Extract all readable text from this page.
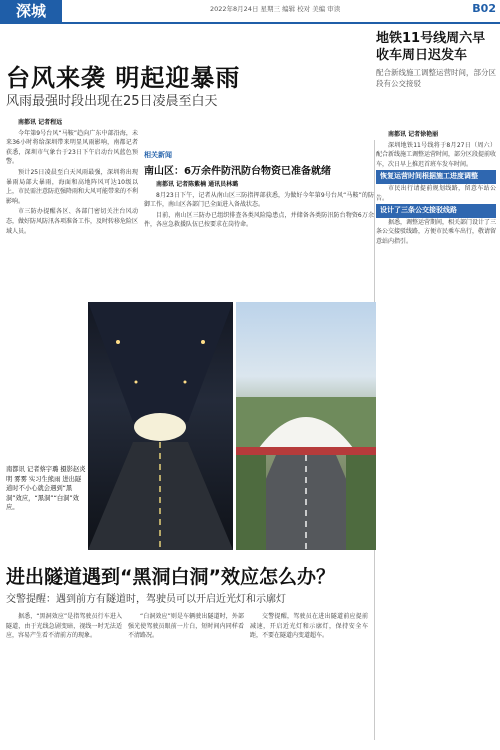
深城	2022年8月24日 星期三 编辑 校对 美编 审读	B02
台风来袭 明起迎暴雨
风雨最强时段出现在25日凌晨至白天

南都讯 记者程远

今年第9号台风“马鞍”趋向广东中部沿海，未来36小时将给深圳带来明显风雨影响，南都记者获悉，深圳市气象台于23日下午启动台风蓝色预警。

预计25日凌晨至白天风雨最强，深圳将出现暴雨局部大暴雨，海面和高地阵风可达10级以上，市民需注意防范强降雨和大风可能带来的不利影响。

市三防办提醒各区、各部门密切关注台风动态，做好防风防汛各项准备工作，及时转移危险区域人员。

地铁11号线周六早收车周日迟发车
配合新线施工调整运营时间，部分区段有公交接驳

南都讯 记者徐艳丽

深圳地铁11号线将于8月27日（周六）配合新线施工调整运营时间，部分区段提前收车，次日早上推迟首班车发车时间。

恢复运营时间根据施工进度调整

市民出行请提前规划线路，留意车站公告。

设计了三条公交接驳线路

据悉，调整运营期间，相关部门设计了三条公交接驳线路，方便市民乘车出行，敬请留意站内指引。

相关新闻
南山区：6万余件防汛防台物资已准备就绪

南都讯 记者陈紫楠 通讯员林璐

8月23日下午，记者从南山区三防指挥部获悉，为做好今年第9号台风“马鞍”的防御工作，南山区各部门已全面进入备战状态。

目前，南山区三防办已组织排查各类风险隐患点，并储备各类防汛防台物资6万余件，各应急救援队伍已按要求在岗待命。

南都讯 记者蔡宇璐 摄影赵炎明 雾雾 实习生熊雨 进出隧道时不小心就会遇到“黑洞”效应，“黑洞”“白洞”效应。
进出隧道遇到“黑洞白洞”效应怎么办？
交警提醒：遇到前方有隧道时，驾驶员可以开启近光灯和示廓灯

据悉，“黑洞效应”是指驾驶员行车进入隧道，由于光线急剧变暗，视线一时无法适应，容易产生看不清前方的现象。

“白洞效应”则是车辆驶出隧道时，外部强光使驾驶员眼前一片白，短时间内同样看不清路况。

交警提醒，驾驶员在进出隧道前应提前减速，开启近光灯和示廓灯，保持安全车距，不要在隧道内变道超车。
